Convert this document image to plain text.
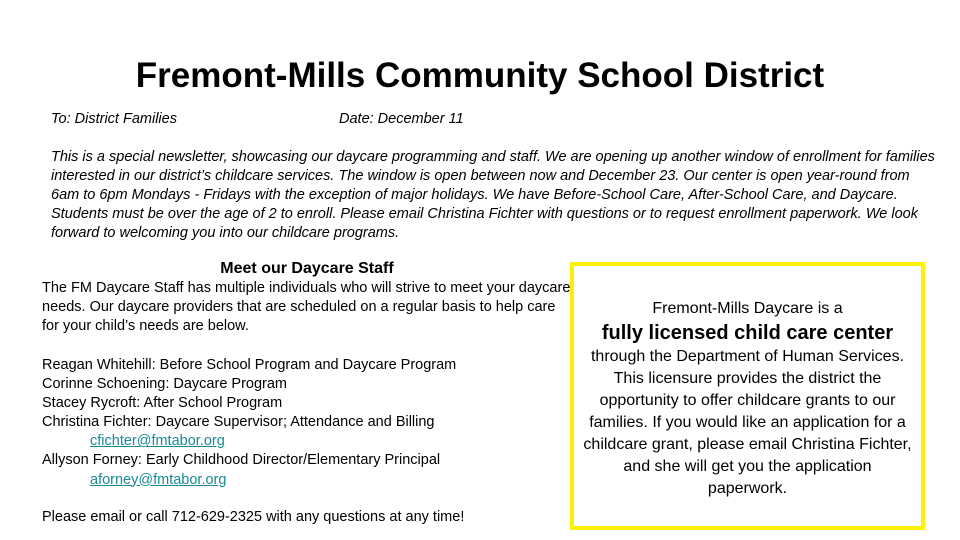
Fremont-Mills Community School District
To: District Families	Date: December 11

This is a special newsletter, showcasing our daycare programming and staff. We are opening up another window of enrollment for families interested in our district’s childcare services. The window is open between now and December 23. Our center is open year-round from 6am to 6pm Mondays - Fridays with the exception of major holidays. We have Before-School Care, After-School Care, and Daycare. Students must be over the age of 2 to enroll. Please email Christina Fichter with questions or to request enrollment paperwork. We look forward to welcoming you into our childcare programs.

Meet our Daycare Staff

The FM Daycare Staff has multiple individuals who will strive to meet your daycare needs. Our daycare providers that are scheduled on a regular basis to help care for your child’s needs are below.

Reagan Whitehill: Before School Program and Daycare Program
Corinne Schoening: Daycare Program
Stacey Rycroft: After School Program
Christina Fichter: Daycare Supervisor; Attendance and Billing
cfichter@fmtabor.org
Allyson Forney: Early Childhood Director/Elementary Principal
aforney@fmtabor.org

Please email or call 712-629-2325 with any questions at any time!

Fremont-Mills Daycare is a
fully licensed child care center
through the Department of Human Services. This licensure provides the district the opportunity to offer childcare grants to our families. If you would like an application for a childcare grant, please email Christina Fichter, and she will get you the application paperwork.
